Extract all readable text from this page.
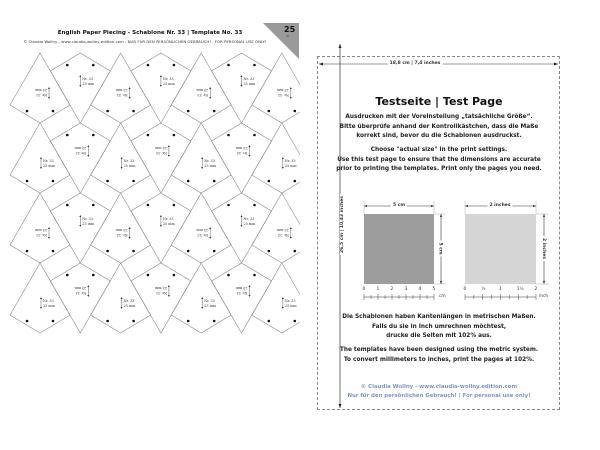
English Paper Piecing - Schablone Nr. 33 | Template No. 33
© Claudia Wollny - www.claudia-wollny-edition.com - NUR FÜR DEN PERSÖNLICHEN GEBRAUCH! - FOR PERSONAL USE ONLY!
25
///
Nr. 33
25 mm
Nr. 33
25 mm
Nr. 33
25 mm
Nr. 33
25 mm
Nr. 33
25 mm
Nr. 33
25 mm
Nr. 33
25 mm
Nr. 33
25 mm
Nr. 33
25 mm
Nr. 33
25 mm
Nr. 33
25 mm
Nr. 33
25 mm
Nr. 33
25 mm
Nr. 33
25 mm
Nr. 33
25 mm
Nr. 33
25 mm
Nr. 33
25 mm
Nr. 33
25 mm
Nr. 33
25 mm
Nr. 33
25 mm
Nr. 33
25 mm
Nr. 33
25 mm
Nr. 33
25 mm
Nr. 33
25 mm
Nr. 33
25 mm
Nr. 33
25 mm
Nr. 33
25 mm
Nr. 33
25 mm
18,8 cm | 7,4 inches
26,5 cm | 10,43 inches
Testseite | Test Page
Ausdrucken mit der Voreinstellung „tatsächliche Größe“.
Bitte überprüfe anhand der Kontrollkästchen, dass die Maße
korrekt sind, bevor du die Schablonen ausdruckst.
Choose "actual size" in the print settings.
Use this test page to ensure that the dimensions are accurate
prior to printing the templates. Print only the pages you need.
5 cm
5 cm
2 inches
2 inches
0	1	2	3	4	5	0	½	1	1½ 2
cm	inch
Die Schablonen haben Kantenlängen in metrischen Maßen.
Falls du sie in Inch umrechnen möchtest,
drucke die Seiten mit 102% aus.
The templates have been designed using the metric system.
To convert millimeters to inches, print the pages at 102%.
© Claudia Wollny - www.claudia-wollny.edition.com
Nur für den persönlichen Gebrauch! | For personal use only!
